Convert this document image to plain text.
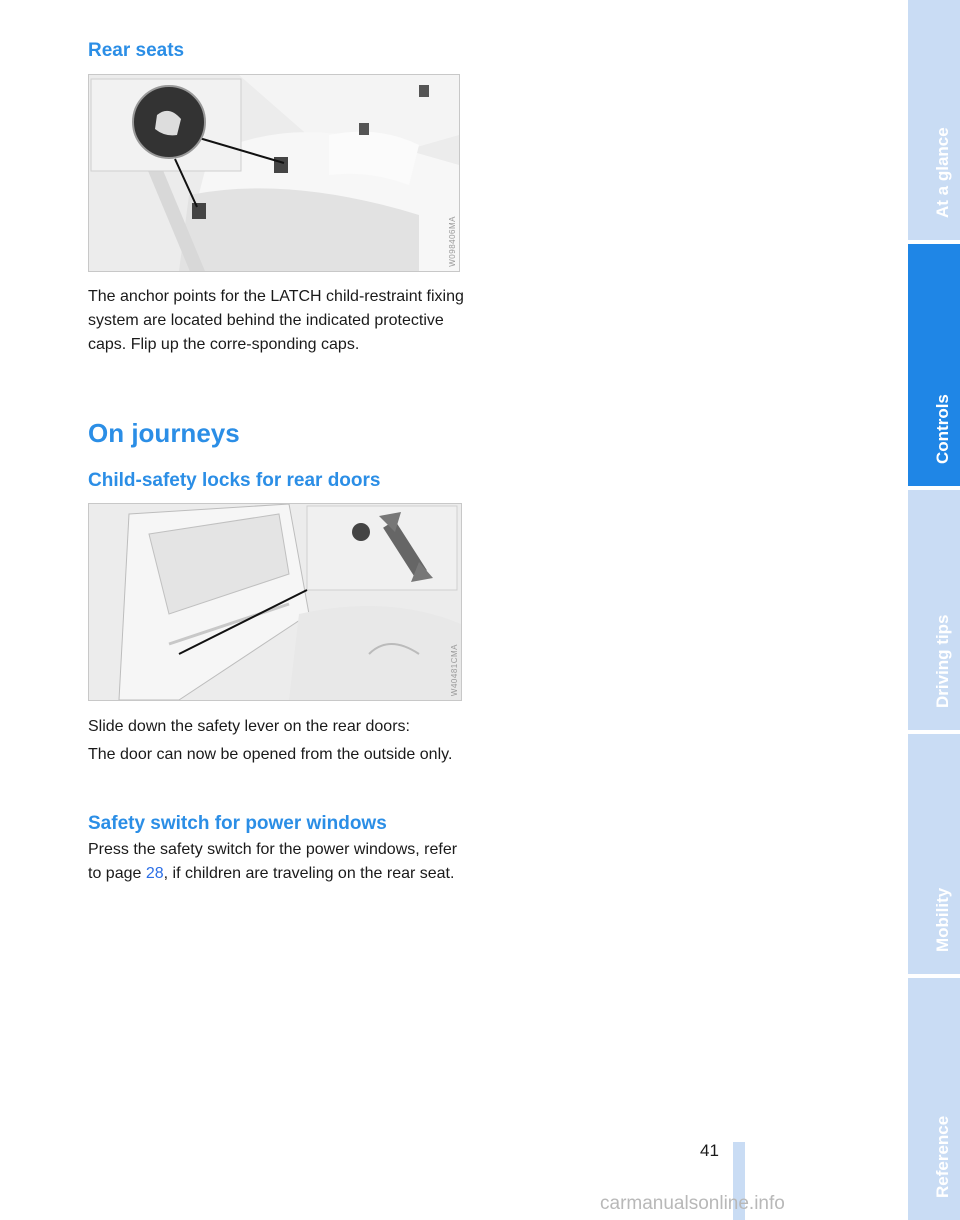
Rear seats
W098406MA

The anchor points for the LATCH child-restraint fixing system are located behind the indicated protective caps. Flip up the corre-sponding caps.

On journeys
Child-safety locks for rear doors
W40481CMA

Slide down the safety lever on the rear doors:

The door can now be opened from the outside only.

Safety switch for power windows

Press the safety switch for the power windows, refer to page 28, if children are traveling on the rear seat.

At a glance
Controls
Driving tips
Mobility
Reference
41
carmanualsonline.info
